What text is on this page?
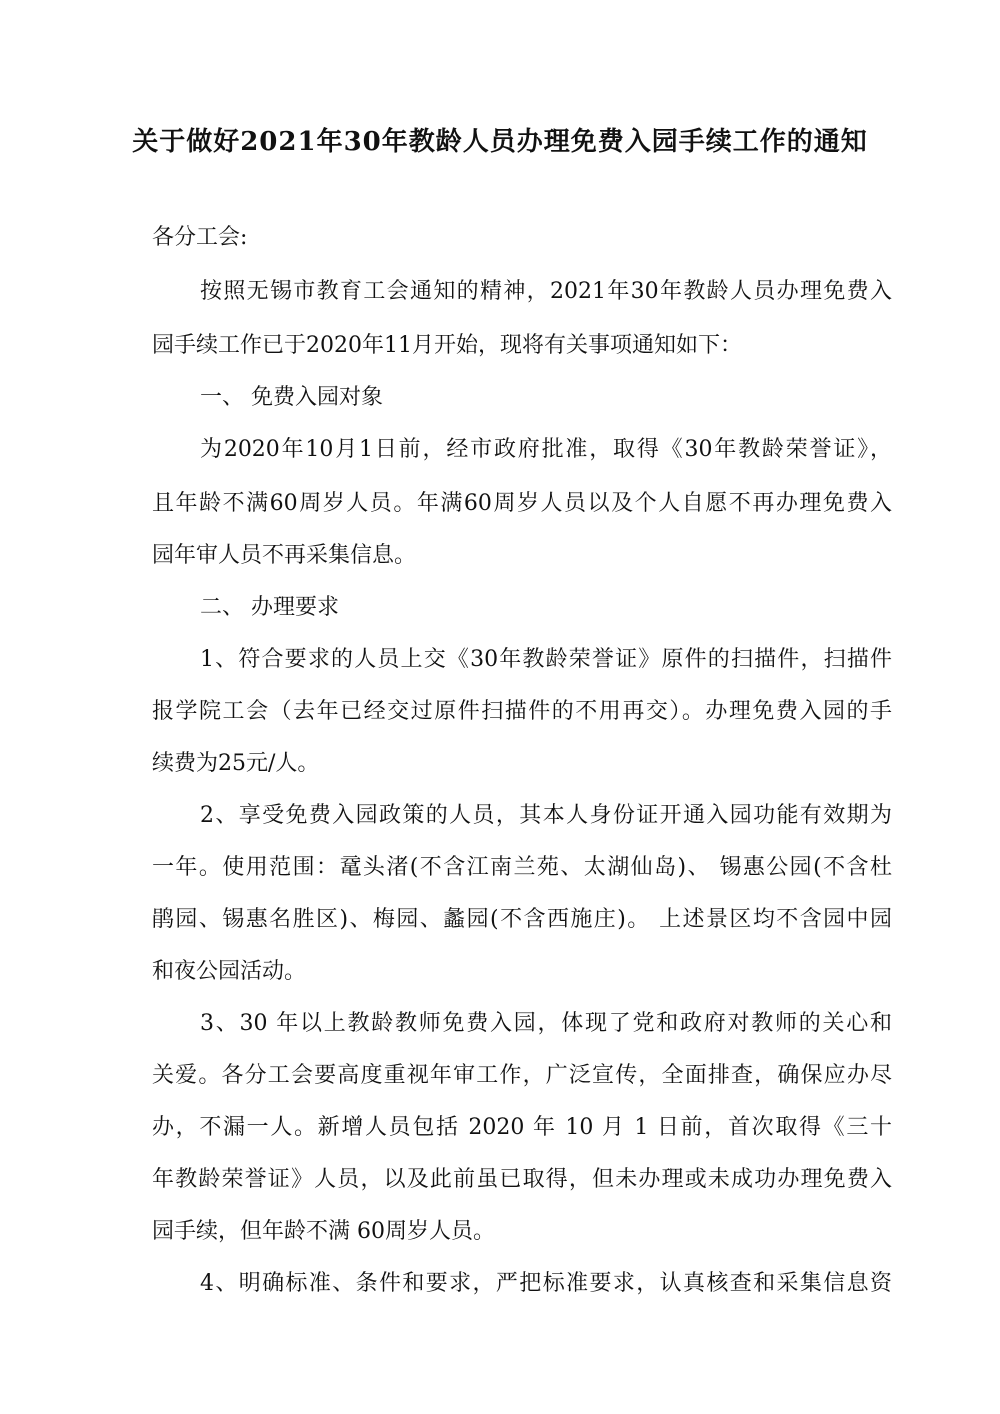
关于做好2021年30年教龄人员办理免费入园手续工作的通知
各分工会:
按照无锡市教育工会通知的精神，2021年30年教龄人员办理免费入
园手续工作已于2020年11月开始，现将有关事项通知如下：
一、 免费入园对象
为2020年10月1日前，经市政府批准，取得《30年教龄荣誉证》，
且年龄不满60周岁人员。年满60周岁人员以及个人自愿不再办理免费入
园年审人员不再采集信息。
二、 办理要求
1、符合要求的人员上交《30年教龄荣誉证》原件的扫描件，扫描件
报学院工会（去年已经交过原件扫描件的不用再交）。办理免费入园的手
续费为25元/人。
2、享受免费入园政策的人员，其本人身份证开通入园功能有效期为
一年。使用范围：鼋头渚(不含江南兰苑、太湖仙岛)、 锡惠公园(不含杜
鹃园、锡惠名胜区)、梅园、蠡园(不含西施庄)。 上述景区均不含园中园
和夜公园活动。
3、30 年以上教龄教师免费入园，体现了党和政府对教师的关心和
关爱。各分工会要高度重视年审工作，广泛宣传，全面排查，确保应办尽
办，不漏一人。新增人员包括 2020 年 10 月 1 日前，首次取得《三十
年教龄荣誉证》人员，以及此前虽已取得，但未办理或未成功办理免费入
园手续，但年龄不满 60周岁人员。
4、明确标准、条件和要求，严把标准要求，认真核查和采集信息资
